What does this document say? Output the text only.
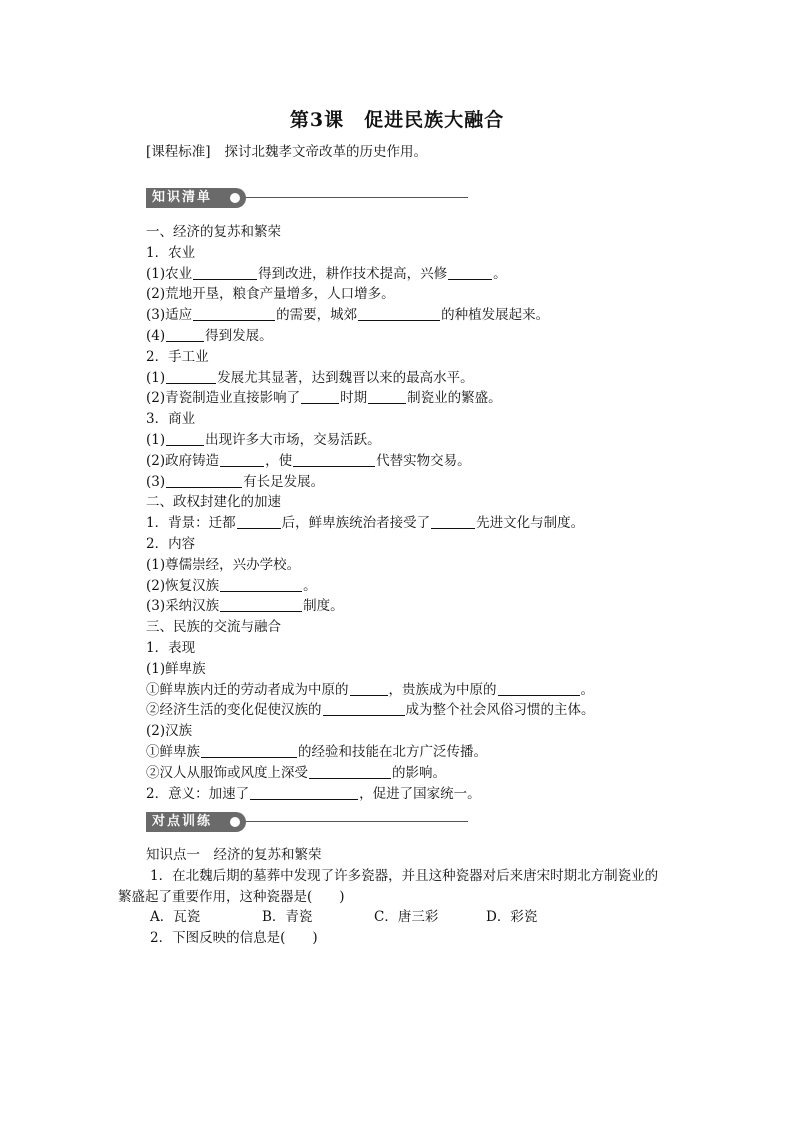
第3课　促进民族大融合
[课程标准] 探讨北魏孝文帝改革的历史作用。
知识清单
一、经济的复苏和繁荣
1．农业
(1)农业	得到改进，耕作技术提高，兴修	。
(2)荒地开垦，粮食产量增多，人口增多。
(3)适应	的需要，城郊	的种植发展起来。
(4)	得到发展。
2．手工业
(1)	发展尤其显著，达到魏晋以来的最高水平。
(2)青瓷制造业直接影响了	时期	制瓷业的繁盛。
3．商业
(1)	出现许多大市场，交易活跃。
(2)政府铸造	，使	代替实物交易。
(3)	有长足发展。
二、政权封建化的加速
1．背景：迁都	后，鲜卑族统治者接受了	先进文化与制度。
2．内容
(1)尊儒崇经，兴办学校。
(2)恢复汉族	。
(3)采纳汉族	制度。
三、民族的交流与融合
1．表现
(1)鲜卑族
①鲜卑族内迁的劳动者成为中原的	，贵族成为中原的	。
②经济生活的变化促使汉族的	成为整个社会风俗习惯的主体。
(2)汉族
①鲜卑族	的经验和技能在北方广泛传播。
②汉人从服饰或风度上深受	的影响。
2．意义：加速了	，促进了国家统一。
对点训练
知识点一　经济的复苏和繁荣
1．在北魏后期的墓葬中发现了许多瓷器，并且这种瓷器对后来唐宋时期北方制瓷业的
繁盛起了重要作用，这种瓷器是(　　)
A．瓦瓷	B．青瓷	C．唐三彩	D．彩瓷
2．下图反映的信息是(　　)
